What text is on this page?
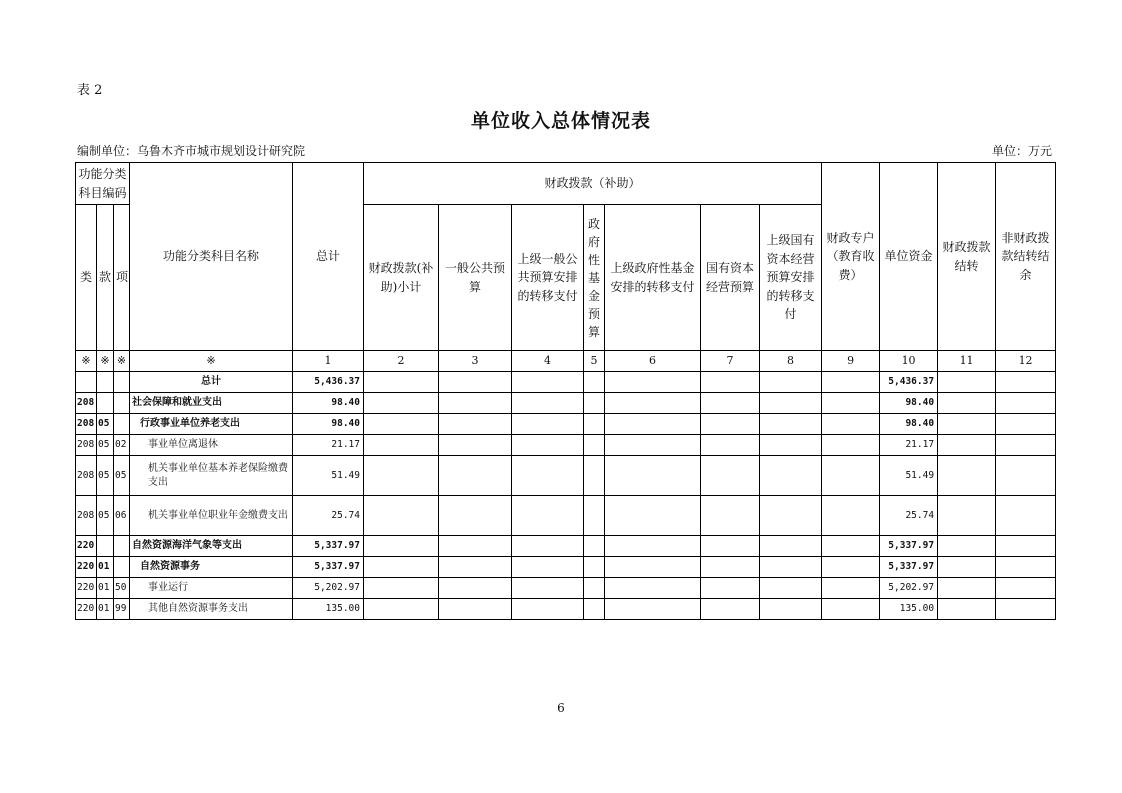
表 2
单位收入总体情况表
编制单位：乌鲁木齐市城市规划设计研究院	单位：万元
功能分类科目编码			功能分类科目名称	总计	财政拨款（补助）							财政专户（教育收费）	单位资金	财政拨款结转	非财政拨款结转结余
类	款	项			财政拨款(补助)小计	一般公共预算	上级一般公共预算安排的转移支付	政府性基金预算	上级政府性基金安排的转移支付	国有资本经营预算	上级国有资本经营预算安排的转移支付				
※	※	※	※	1	2	3	4	5	6	7	8	9	10	11	12
			总计	5,436.37									5,436.37		
208			社会保障和就业支出	98.40									98.40		
208	05		行政事业单位养老支出	98.40									98.40		
208	05	02	事业单位离退休	21.17									21.17		
208	05	05	机关事业单位基本养老保险缴费支出	51.49									51.49		
208	05	06	机关事业单位职业年金缴费支出	25.74									25.74		
220			自然资源海洋气象等支出	5,337.97									5,337.97		
220	01		自然资源事务	5,337.97									5,337.97		
220	01	50	事业运行	5,202.97									5,202.97		
220	01	99	其他自然资源事务支出	135.00									135.00		
6
